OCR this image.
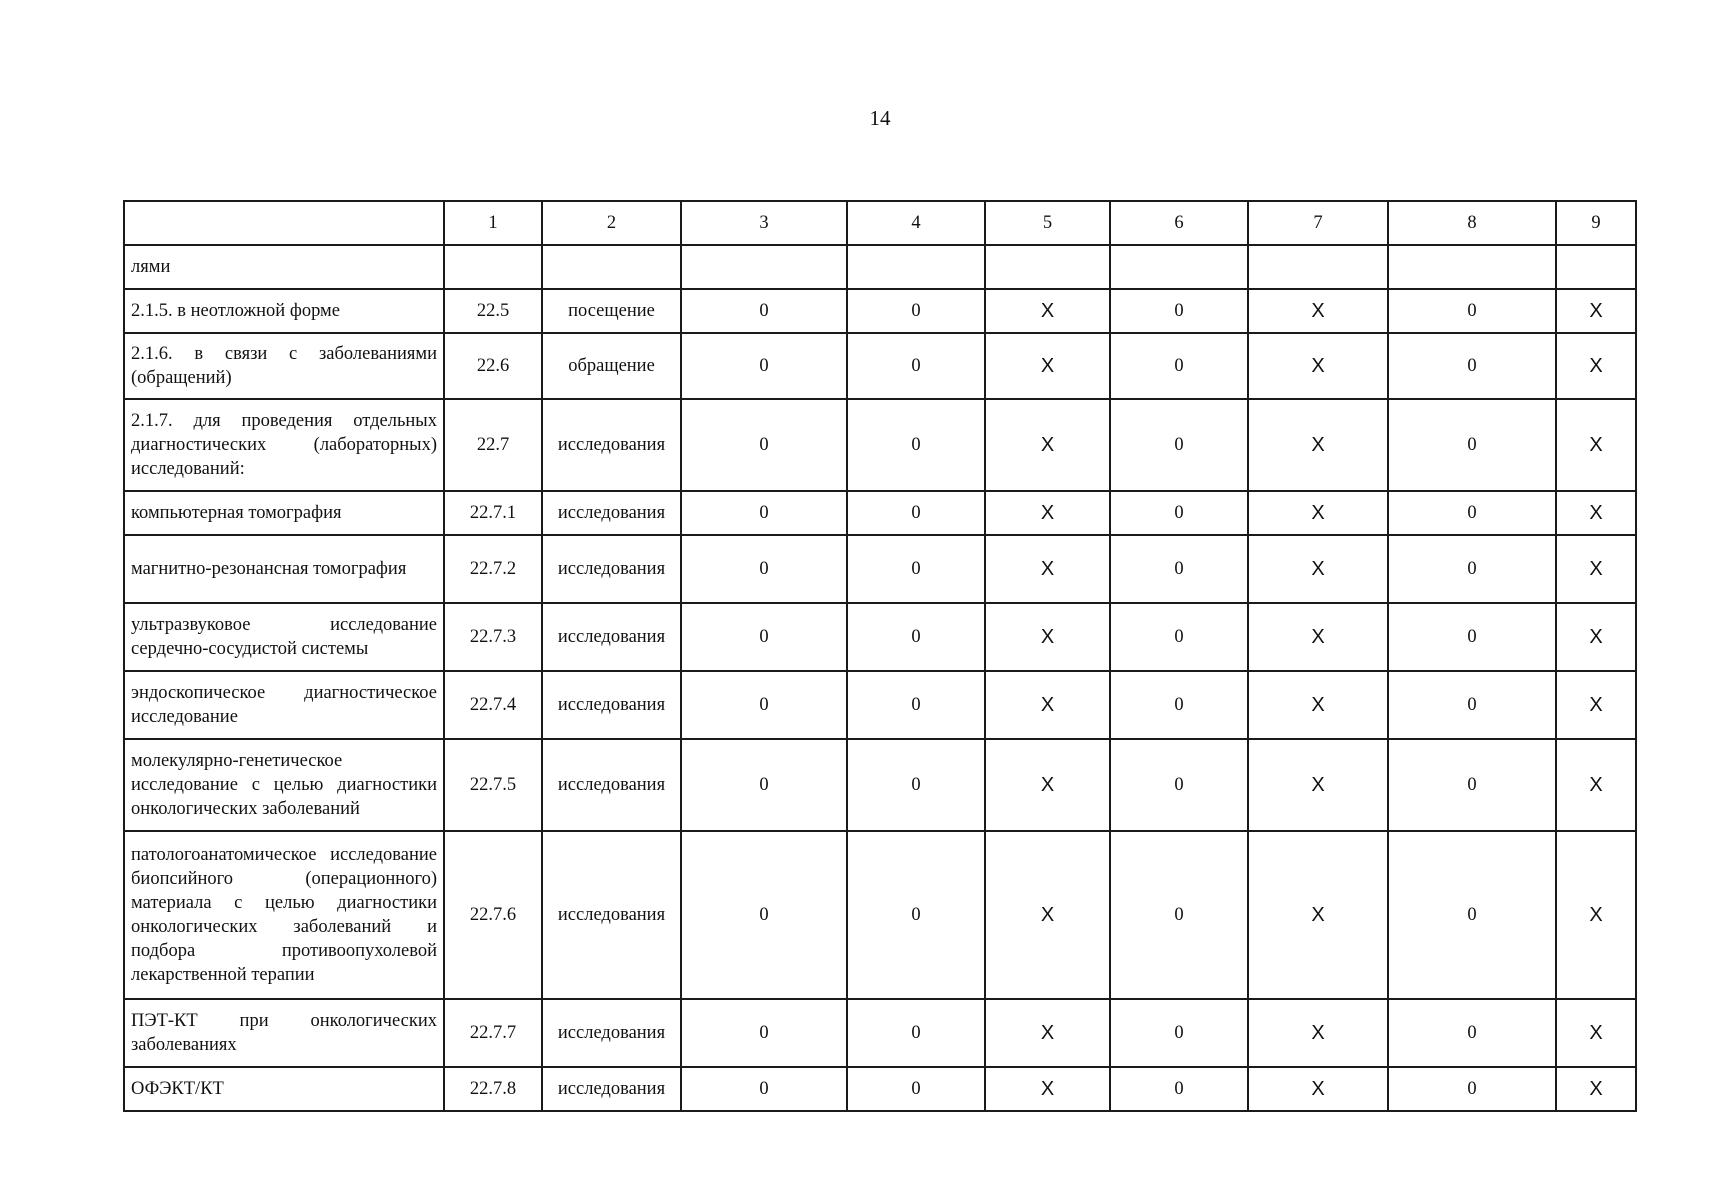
14
	1	2	3	4	5	6	7	8	9
лями									
2.1.5. в неотложной форме	22.5	посещение	0	0	X	0	X	0	X
2.1.6. в связи с заболеваниями (обращений)	22.6	обращение	0	0	X	0	X	0	X
2.1.7. для проведения отдельных диагностических (лабораторных) исследований:	22.7	исследования	0	0	X	0	X	0	X
компьютерная томография	22.7.1	исследования	0	0	X	0	X	0	X
магнитно-резонансная томография	22.7.2	исследования	0	0	X	0	X	0	X
ультразвуковое исследование сердечно-сосудистой системы	22.7.3	исследования	0	0	X	0	X	0	X
эндоскопическое диагностическое исследование	22.7.4	исследования	0	0	X	0	X	0	X
молекулярно-генетическое исследование с целью диагностики онкологических заболеваний	22.7.5	исследования	0	0	X	0	X	0	X
патологоанатомическое исследование биопсийного (операционного) материала с целью диагностики онкологических заболеваний и подбора противоопухолевой лекарственной терапии	22.7.6	исследования	0	0	X	0	X	0	X
ПЭТ-КТ при онкологических заболеваниях	22.7.7	исследования	0	0	X	0	X	0	X
ОФЭКТ/КТ	22.7.8	исследования	0	0	X	0	X	0	X
